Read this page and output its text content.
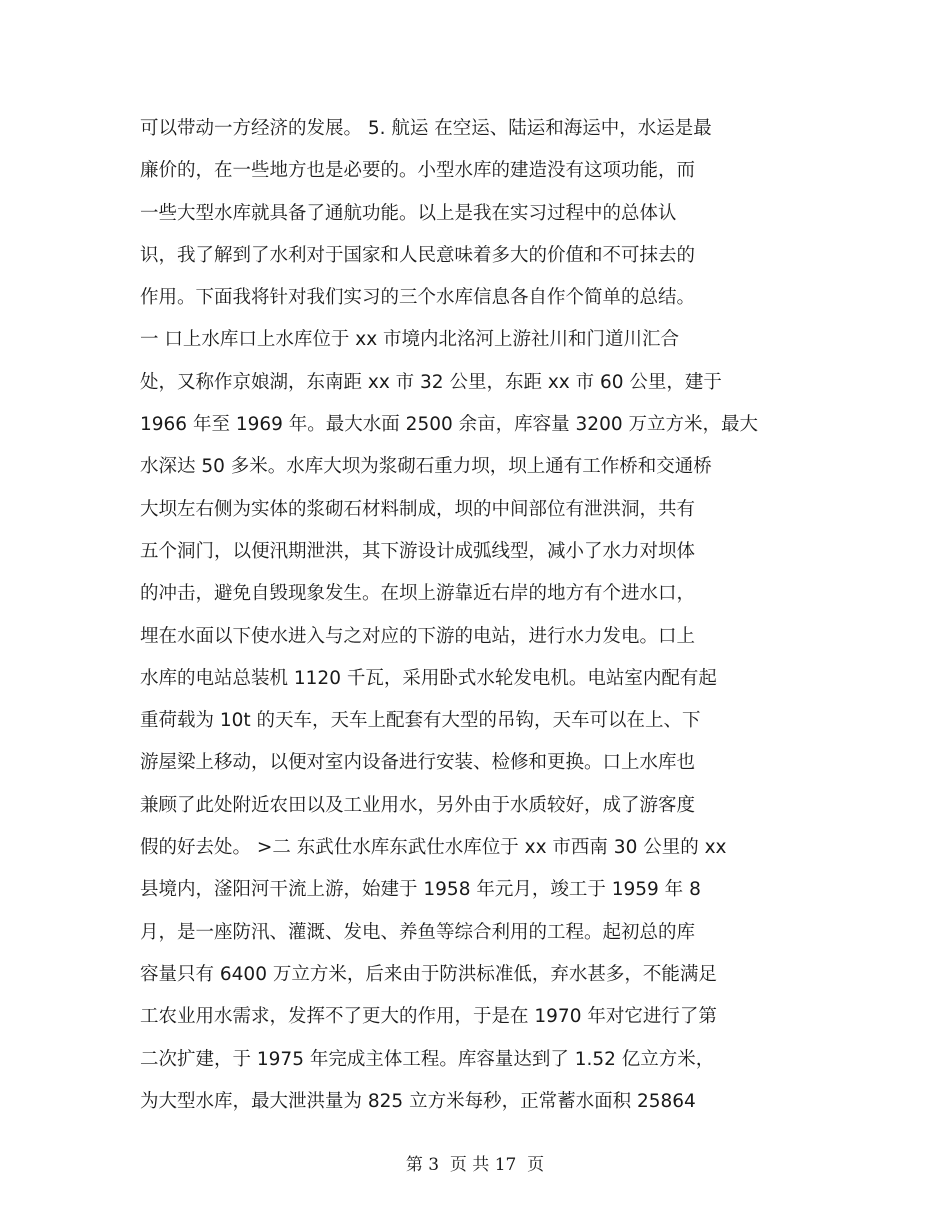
可以带动一方经济的发展。 5. 航运 在空运、陆运和海运中，水运是最
廉价的，在一些地方也是必要的。小型水库的建造没有这项功能，而
一些大型水库就具备了通航功能。以上是我在实习过程中的总体认
识，我了解到了水利对于国家和人民意味着多大的价值和不可抹去的
作用。下面我将针对我们实习的三个水库信息各自作个简单的总结。
一 口上水库口上水库位于 xx 市境内北洺河上游社川和门道川汇合
处，又称作京娘湖，东南距 xx 市 32 公里，东距 xx 市 60 公里，建于
1966 年至 1969 年。最大水面 2500 余亩，库容量 3200 万立方米，最大
水深达 50 多米。水库大坝为浆砌石重力坝，坝上通有工作桥和交通桥
大坝左右侧为实体的浆砌石材料制成，坝的中间部位有泄洪洞，共有
五个洞门，以便汛期泄洪，其下游设计成弧线型，减小了水力对坝体
的冲击，避免自毁现象发生。在坝上游靠近右岸的地方有个进水口，
埋在水面以下使水进入与之对应的下游的电站，进行水力发电。口上
水库的电站总装机 1120 千瓦，采用卧式水轮发电机。电站室内配有起
重荷载为 10t 的天车，天车上配套有大型的吊钩，天车可以在上、下
游屋梁上移动，以便对室内设备进行安装、检修和更换。口上水库也
兼顾了此处附近农田以及工业用水，另外由于水质较好，成了游客度
假的好去处。 >二 东武仕水库东武仕水库位于 xx 市西南 30 公里的 xx
县境内，滏阳河干流上游，始建于 1958 年元月，竣工于 1959 年 8
月，是一座防汛、灌溉、发电、养鱼等综合利用的工程。起初总的库
容量只有 6400 万立方米，后来由于防洪标准低，弃水甚多，不能满足
工农业用水需求，发挥不了更大的作用，于是在 1970 年对它进行了第
二次扩建，于 1975 年完成主体工程。库容量达到了 1.52 亿立方米，
为大型水库，最大泄洪量为 825 立方米每秒，正常蓄水面积 25864
第 3  页 共 17  页
